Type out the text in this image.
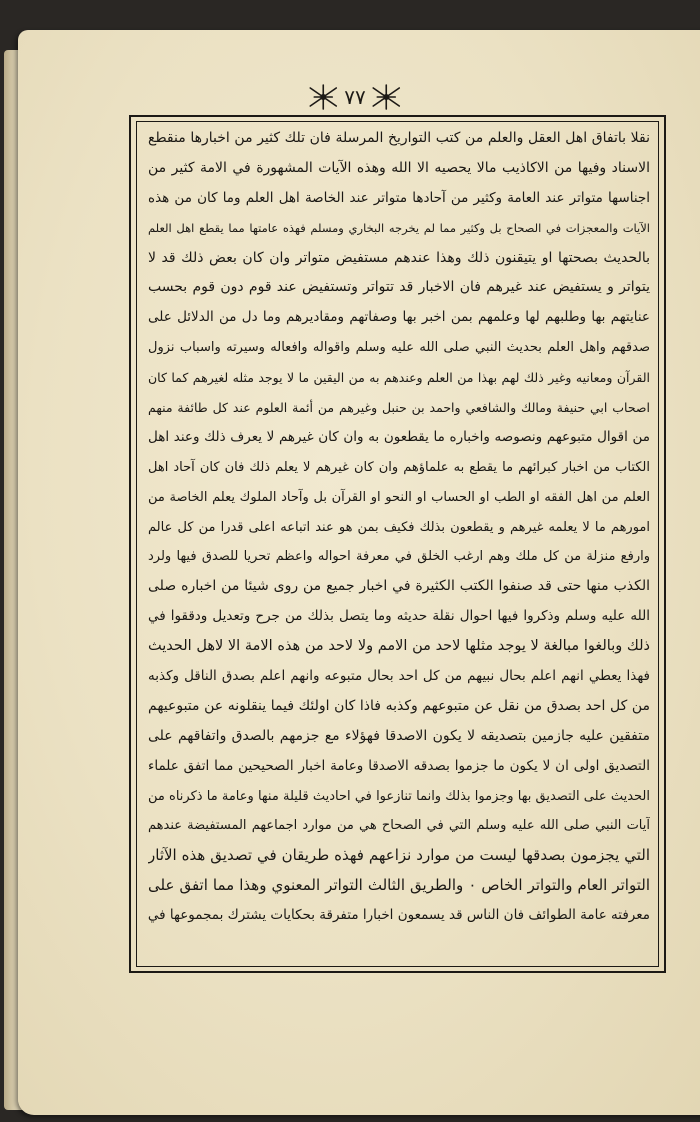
٧٧
نقلا باتفاق اهل العقل والعلم من كتب التواريخ المرسلة فان تلك كثير من اخبارها منقطع
الاسناد وفيها من الاكاذيب مالا يحصيه الا الله وهذه الآيات المشهورة في الامة كثير من
اجناسها متواتر عند العامة وكثير من آحادها متواتر عند الخاصة اهل العلم وما كان من هذه
الآيات والمعجزات في الصحاح بل وكثير مما لم يخرجه البخاري ومسلم فهذه عامتها مما يقطع اهل العلم
بالحديث بصحتها او يتيقنون ذلك وهذا عندهم مستفيض متواتر وان كان بعض ذلك قد لا
يتواتر و يستفيض عند غيرهم فان الاخبار قد تتواتر وتستفيض عند قوم دون قوم بحسب
عنايتهم بها وطلبهم لها وعلمهم بمن اخبر بها وصفاتهم ومقاديرهم وما دل من الدلائل على
صدقهم واهل العلم بحديث النبي صلى الله عليه وسلم واقواله وافعاله وسيرته واسباب نزول
القرآن ومعانيه وغير ذلك لهم بهذا من العلم وعندهم به من اليقين ما لا يوجد مثله لغيرهم كما كان
اصحاب ابي حنيفة ومالك والشافعي واحمد بن حنبل وغيرهم من أئمة العلوم عند كل طائفة منهم
من اقوال متبوعهم ونصوصه واخباره ما يقطعون به وان كان غيرهم لا يعرف ذلك وعند اهل
الكتاب من اخبار كبرائهم ما يقطع به علماؤهم وان كان غيرهم لا يعلم ذلك فان كان آحاد اهل
العلم من اهل الفقه او الطب او الحساب او النحو او القرآن بل وآحاد الملوك يعلم الخاصة من
امورهم ما لا يعلمه غيرهم و يقطعون بذلك فكيف بمن هو عند اتباعه اعلى قدرا من كل عالم
وارفع منزلة من كل ملك وهم ارغب الخلق في معرفة احواله واعظم تحريا للصدق فيها ولرد
الكذب منها حتى قد صنفوا الكتب الكثيرة في اخبار جميع من روى شيئا من اخباره صلى
الله عليه وسلم وذكروا فيها احوال نقلة حديثه وما يتصل بذلك من جرح وتعديل ودققوا في
ذلك وبالغوا مبالغة لا يوجد مثلها لاحد من الامم ولا لاحد من هذه الامة الا لاهل الحديث
فهذا يعطي انهم اعلم بحال نبيهم من كل احد بحال متبوعه وانهم اعلم بصدق الناقل وكذبه
من كل احد بصدق من نقل عن متبوعهم وكذبه فاذا كان اولئك فيما ينقلونه عن متبوعيهم
متفقين عليه جازمين بتصديقه لا يكون الاصدقا فهؤلاء مع جزمهم بالصدق واتفاقهم على
التصديق اولى ان لا يكون ما جزموا بصدقه الاصدقا وعامة اخبار الصحيحين مما اتفق علماء
الحديث على التصديق بها وجزموا بذلك وانما تنازعوا في احاديث قليلة منها وعامة ما ذكرناه من
آيات النبي صلى الله عليه وسلم التي في الصحاح هي من موارد اجماعهم المستفيضة عندهم
التي يجزمون بصدقها ليست من موارد نزاعهم فهذه طريقان في تصديق هذه الآثار
التواتر العام والتواتر الخاص ٠ والطريق الثالث التواتر المعنوي وهذا مما اتفق على
معرفته عامة الطوائف فان الناس قد يسمعون اخبارا متفرقة بحكايات يشترك بمجموعها في
